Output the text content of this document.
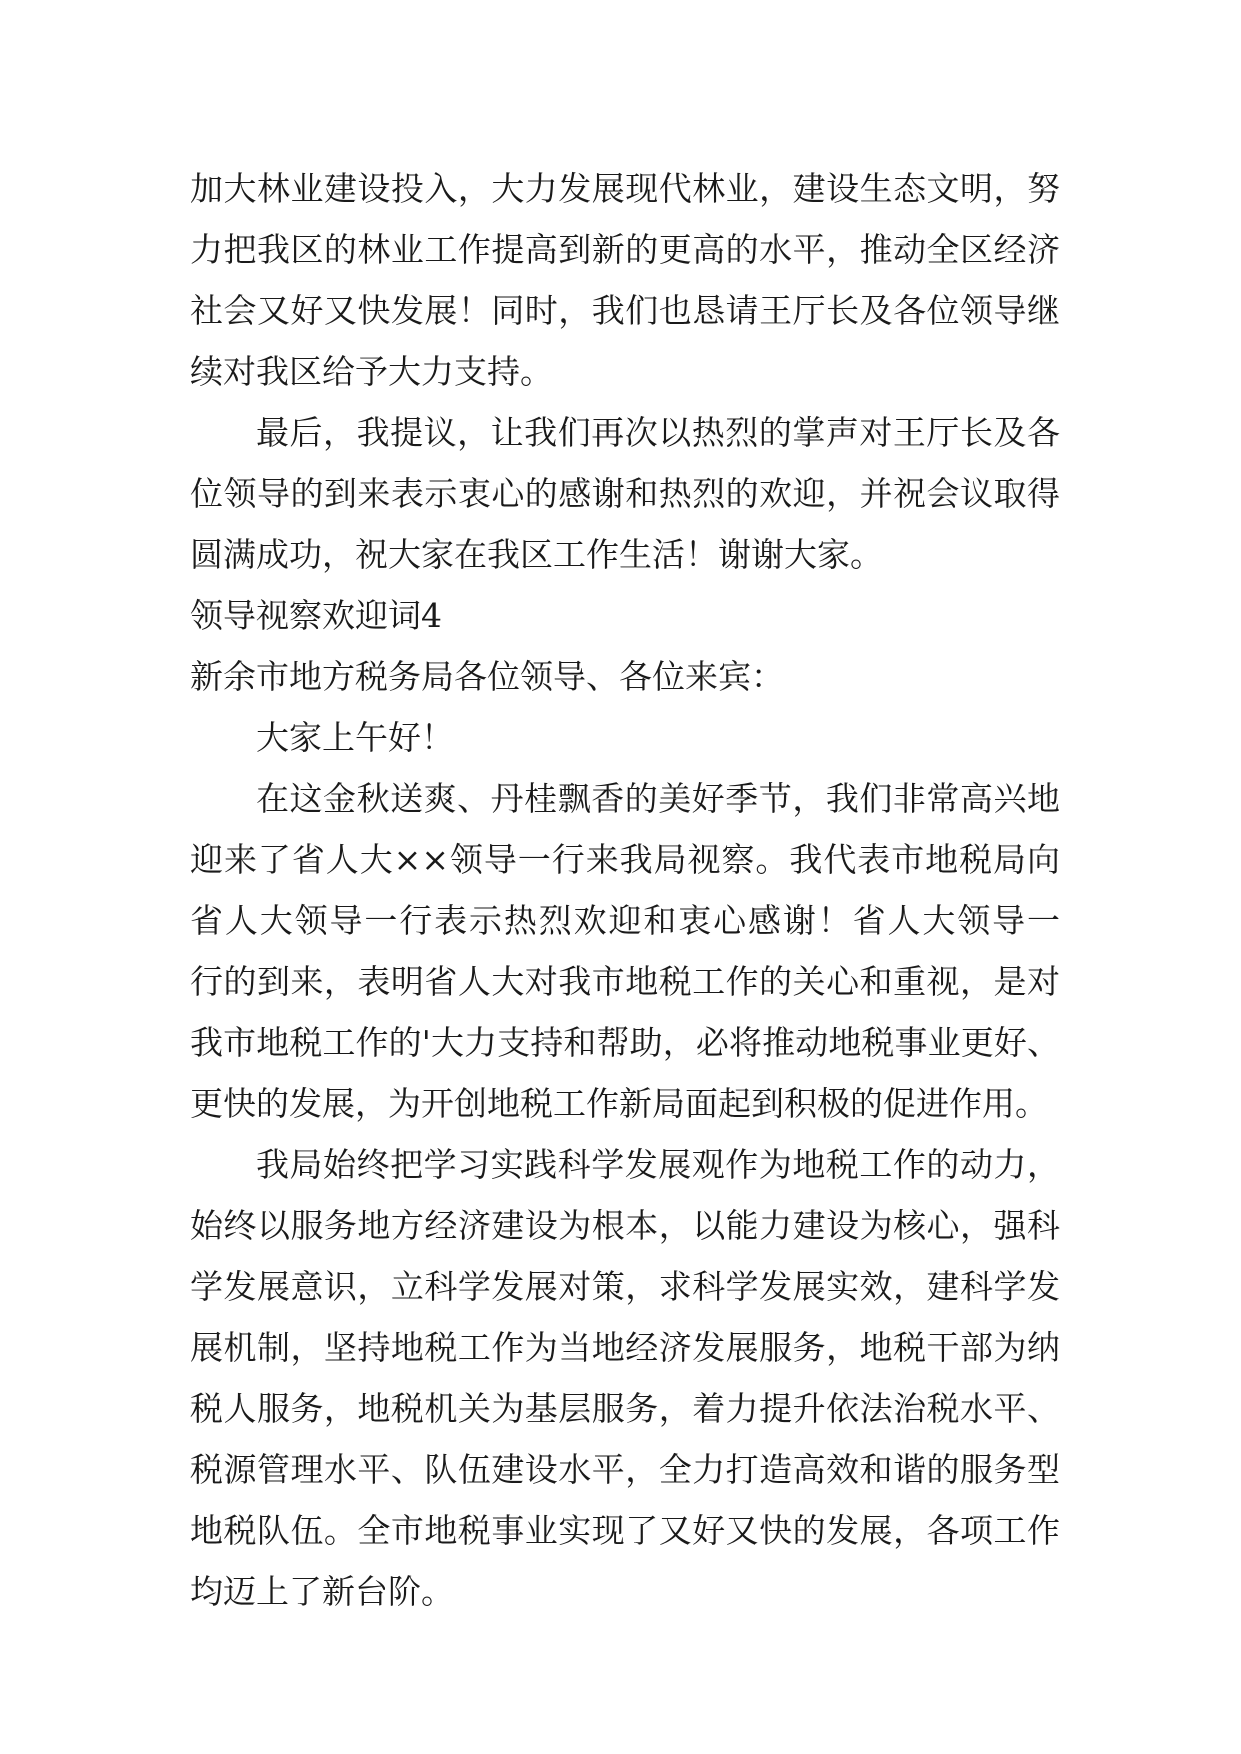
加大林业建设投入，大力发展现代林业，建设生态文明，努
力把我区的林业工作提高到新的更高的水平，推动全区经济
社会又好又快发展！同时，我们也恳请王厅长及各位领导继
续对我区给予大力支持。
最后，我提议，让我们再次以热烈的掌声对王厅长及各
位领导的到来表示衷心的感谢和热烈的欢迎，并祝会议取得
圆满成功，祝大家在我区工作生活！谢谢大家。
领导视察欢迎词4
新余市地方税务局各位领导、各位来宾：
大家上午好！
在这金秋送爽、丹桂飘香的美好季节，我们非常高兴地
迎来了省人大××领导一行来我局视察。我代表市地税局向
省人大领导一行表示热烈欢迎和衷心感谢！省人大领导一
行的到来，表明省人大对我市地税工作的关心和重视，是对
我市地税工作的'大力支持和帮助，必将推动地税事业更好、
更快的发展，为开创地税工作新局面起到积极的促进作用。
我局始终把学习实践科学发展观作为地税工作的动力，
始终以服务地方经济建设为根本，以能力建设为核心，强科
学发展意识，立科学发展对策，求科学发展实效，建科学发
展机制，坚持地税工作为当地经济发展服务，地税干部为纳
税人服务，地税机关为基层服务，着力提升依法治税水平、
税源管理水平、队伍建设水平，全力打造高效和谐的服务型
地税队伍。全市地税事业实现了又好又快的发展，各项工作
均迈上了新台阶。
